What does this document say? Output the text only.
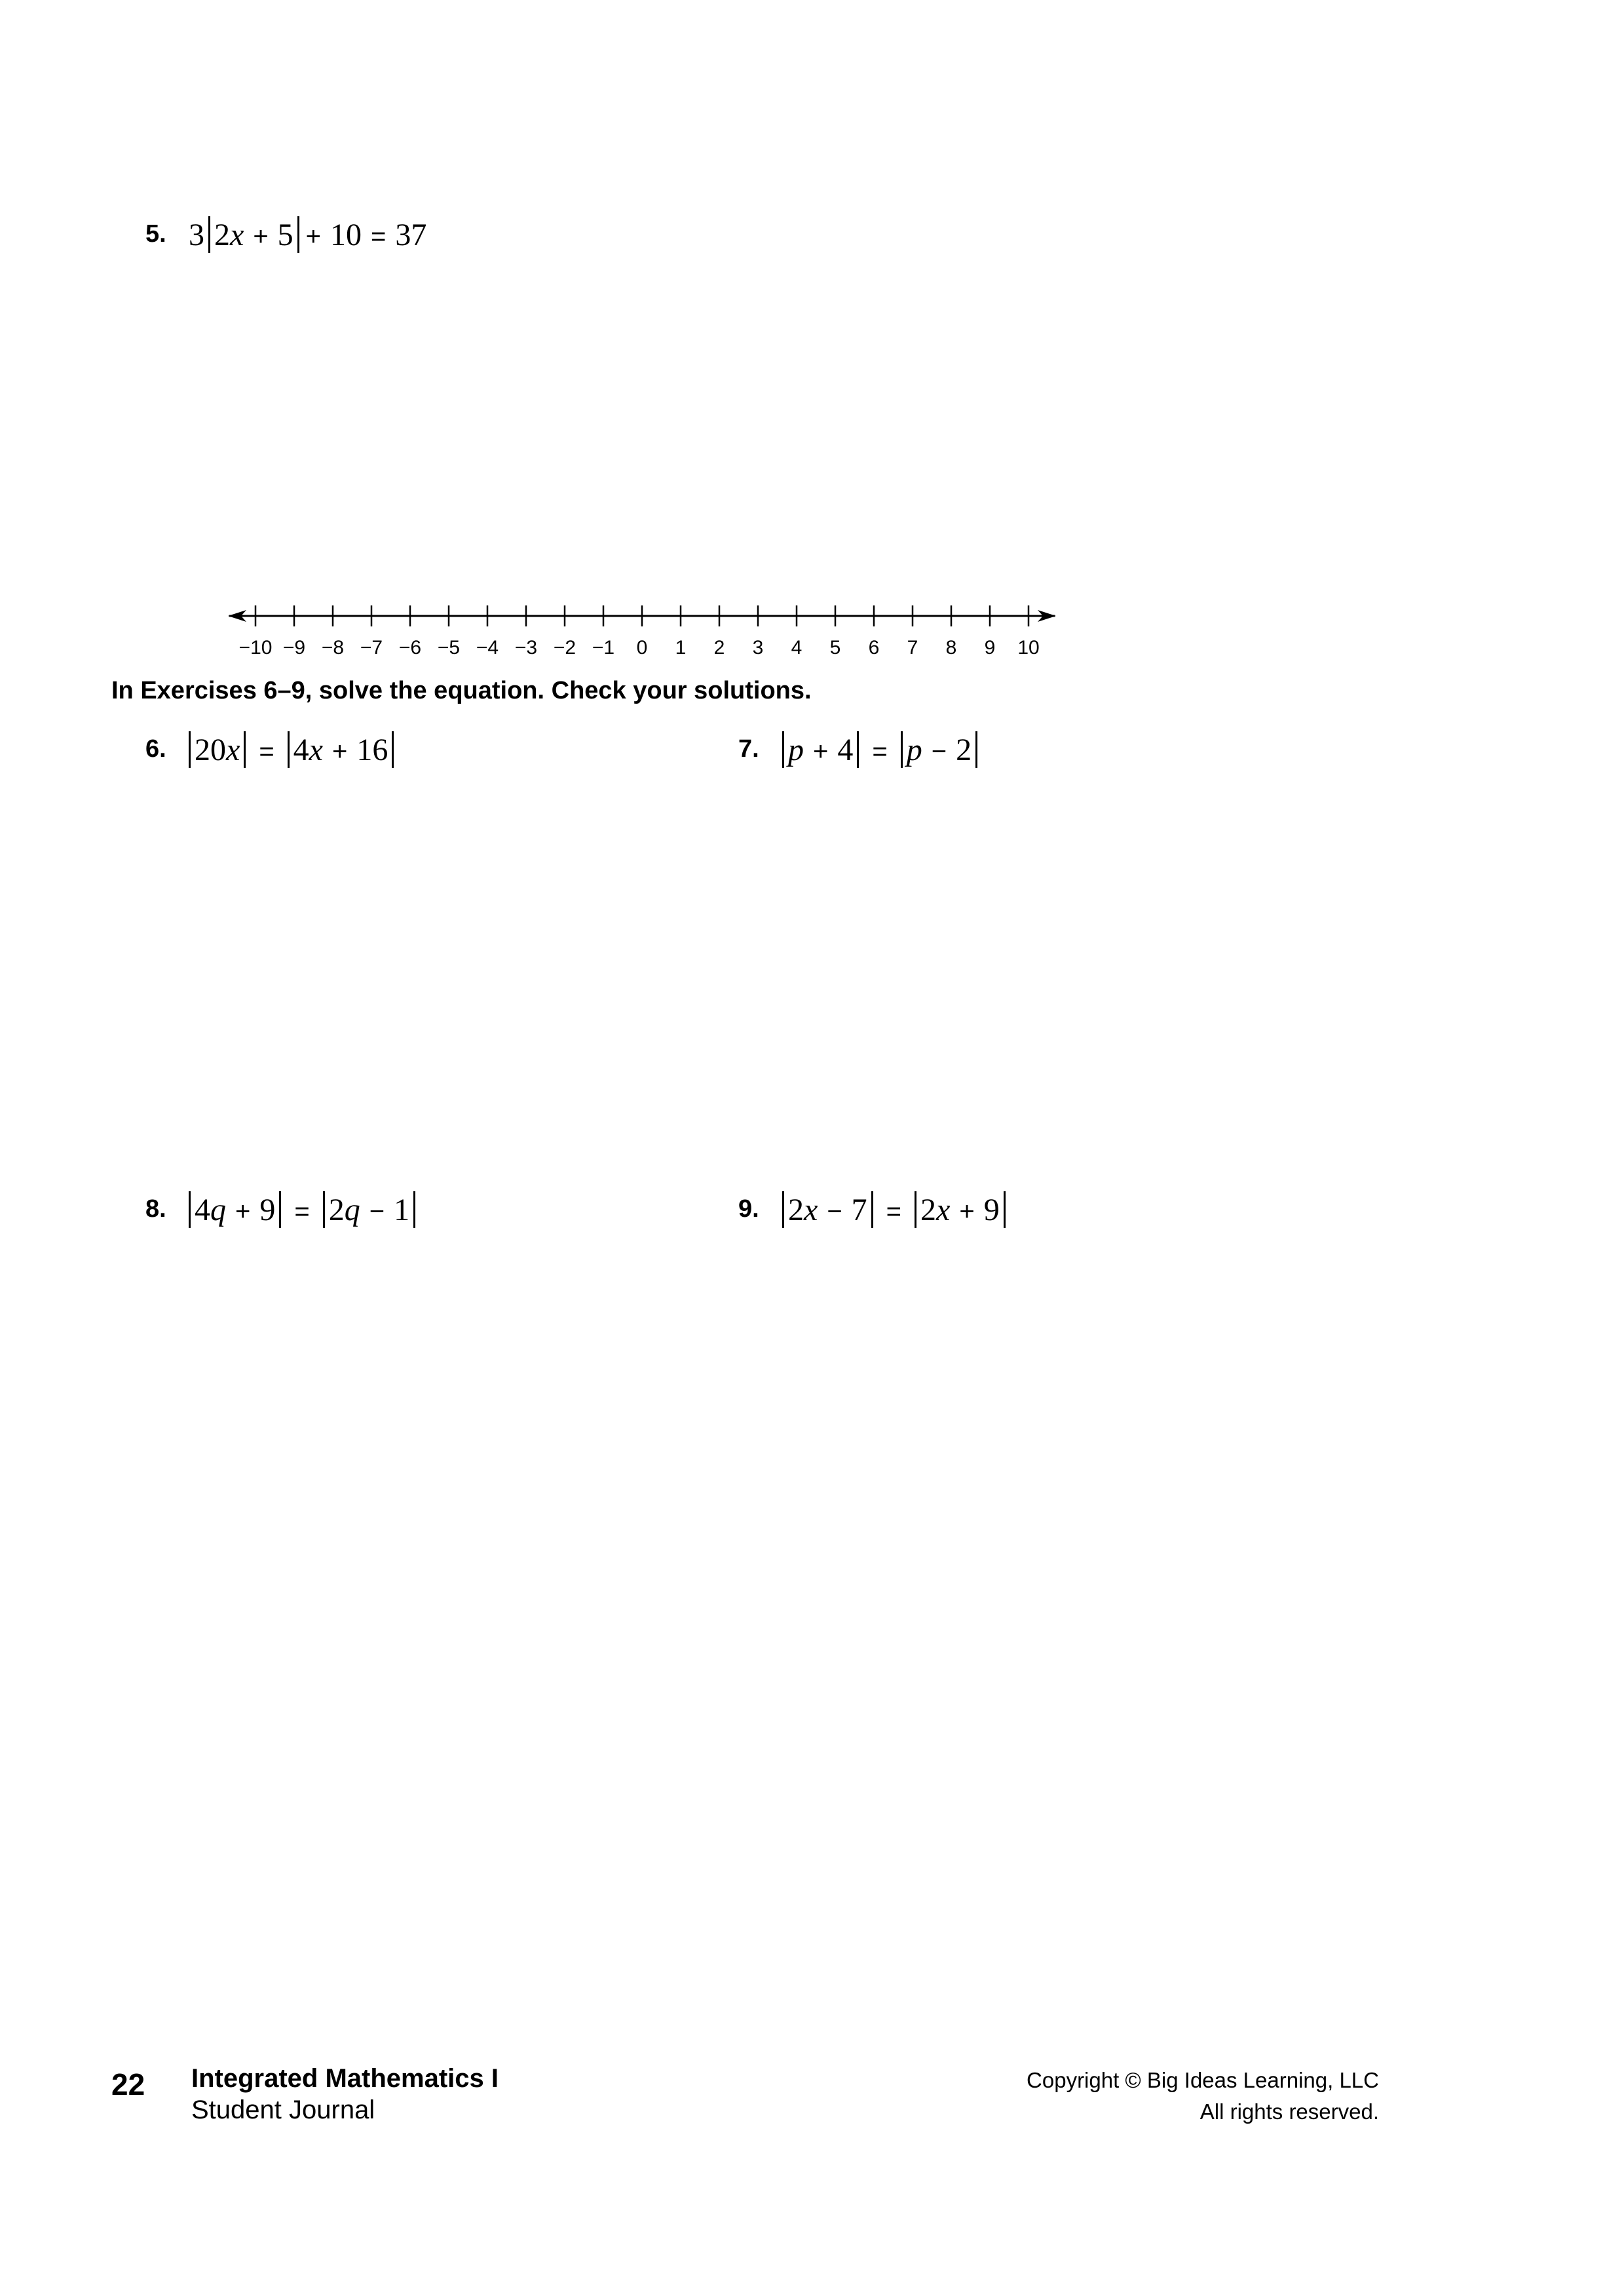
5. 3 2x + 5 + 10 = 37
−10 −9 −8 −7 −6 −5 −4 −3 −2 −1 0 1 2 3 4 5 6 7 8 9 10
In Exercises 6–9, solve the equation. Check your solutions.
6. 20x = 4x + 16	7. p + 4 = p − 2
8. 4q + 9 = 2q − 1	9. 2x − 7 = 2x + 9
22 Integrated Mathematics I
Student Journal
Copyright © Big Ideas Learning, LLC
All rights reserved.
